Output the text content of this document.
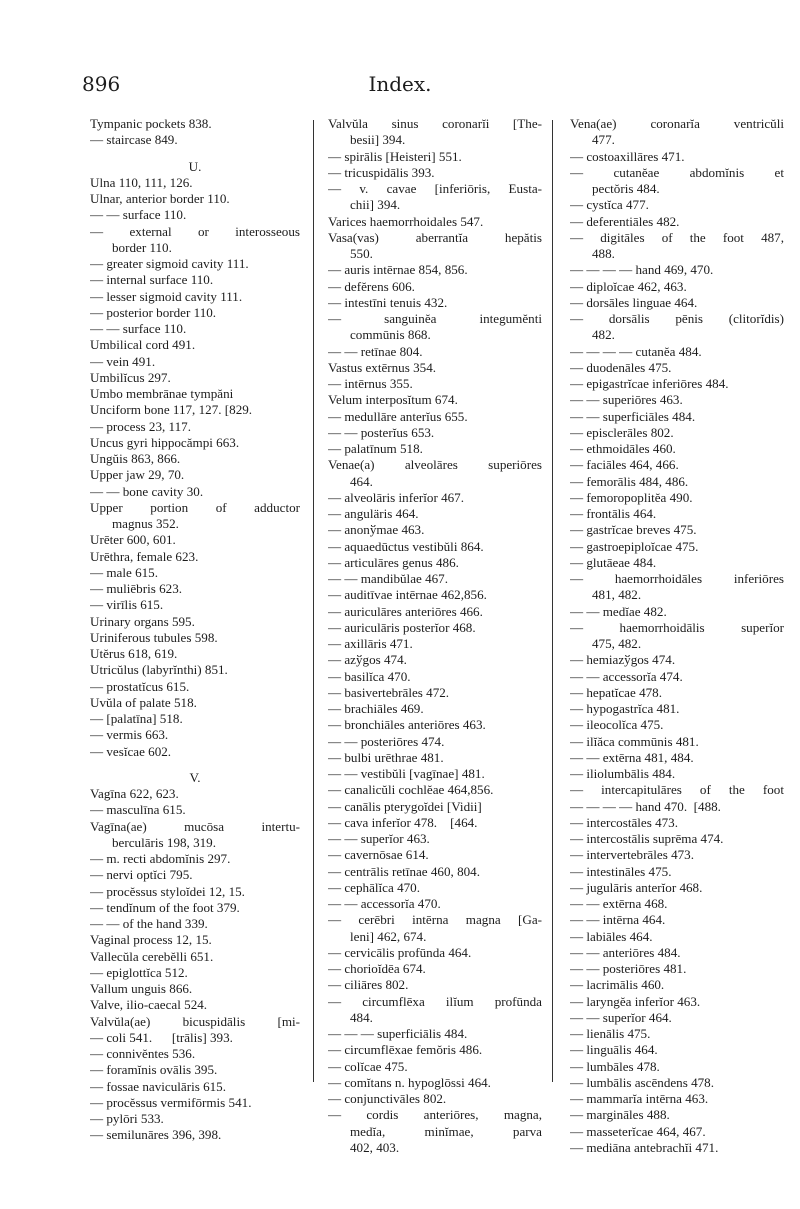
896	Index.
Tympanic pockets 838.
— staircase 849.
U.
Ulna 110, 111, 126.
Ulnar, anterior border 110.
— — surface 110.
— external or interosseous
border 110.
— greater sigmoid cavity 111.
— internal surface 110.
— lesser sigmoid cavity 111.
— posterior border 110.
— — surface 110.
Umbilical cord 491.
— vein 491.
Umbilĭcus 297.
Umbo membrānae tympăni
Unciform bone 117, 127. [829.
— process 23, 117.
Uncus gyri hippocămpi 663.
Ungŭis 863, 866.
Upper jaw 29, 70.
— — bone cavity 30.
Upper portion of adductor
magnus 352.
Urēter 600, 601.
Urēthra, female 623.
— male 615.
— muliēbris 623.
— virīlis 615.
Urinary organs 595.
Uriniferous tubules 598.
Utĕrus 618, 619.
Utricŭlus (labyrĭnthi) 851.
— prostatĭcus 615.
Uvŭla of palate 518.
— [palatīna] 518.
— vermis 663.
— vesĭcae 602.
V.
Vagīna 622, 623.
— masculīna 615.
Vagīna(ae) mucōsa intertu-
berculāris 198, 319.
— m. recti abdomĭnis 297.
— nervi optĭci 795.
— procĕssus styloĭdei 12, 15.
— tendĭnum of the foot 379.
— — of the hand 339.
Vaginal process 12, 15.
Vallecŭla cerebĕlli 651.
— epiglottĭca 512.
Vallum unguis 866.
Valve, ilio-caecal 524.
Valvŭla(ae) bicuspidālis [mi-
— coli 541.      [trālis] 393.
— connivĕntes 536.
— foramĭnis ovālis 395.
— fossae naviculāris 615.
— procĕssus vermifōrmis 541.
— pylōri 533.
— semilunāres 396, 398.
Valvŭla sinus coronarĭi [The-
besii] 394.
— spirālis [Heisteri] 551.
— tricuspidālis 393.
— v. cavae [inferiōris, Eusta-
chii] 394.
Varices haemorrhoidales 547.
Vasa(vas) aberrantĭa hepătis
550.
— auris intērnae 854, 856.
— defĕrens 606.
— intestīni tenuis 432.
— sanguinĕa integumĕnti
commūnis 868.
— — retīnae 804.
Vastus extērnus 354.
— intērnus 355.
Velum interposĭtum 674.
— medullāre anterĭus 655.
— — posterĭus 653.
— palatīnum 518.
Venae(a) alveolāres superiōres
464.
— alveolāris inferĭor 467.
— anguläris 464.
— anonўmae 463.
— aquaedūctus vestibŭli 864.
— articulāres genus 486.
— — mandibŭlae 467.
— auditīvae intērnae 462,856.
— auriculāres anteriōres 466.
— auriculāris posterĭor 468.
— axillāris 471.
— azўgos 474.
— basilĭca 470.
— basivertebrāles 472.
— brachiāles 469.
— bronchiāles anteriōres 463.
— — posteriōres 474.
— bulbi urēthrae 481.
— — vestibŭli [vagīnae] 481.
— canalicŭli cochlĕae 464,856.
— canālis pterygoĭdei [Vidii]
— cava inferĭor 478.    [464.
— — superĭor 463.
— cavernōsae 614.
— centrālis retīnae 460, 804.
— cephālĭca 470.
— — accessorĭa 470.
— cerēbri intērna magna [Ga-
leni] 462, 674.
— cervicālis profūnda 464.
— chorioĭdēa 674.
— ciliāres 802.
— circumflēxa ilĭum profūnda
484.
— — — superficiālis 484.
— circumflēxae femŏris 486.
— colĭcae 475.
— comĭtans n. hypoglōssi 464.
— conjunctivāles 802.
— cordis anteriōres, magna,
medĭa, minĭmae, parva
402, 403.
Vena(ae) coronarĭa ventricŭli
477.
— costoaxillāres 471.
— cutanĕae abdomĭnis et
pectŏris 484.
— cystĭca 477.
— deferentiāles 482.
— digitāles of the foot 487,
488.
— — — — hand 469, 470.
— diploĭcae 462, 463.
— dorsāles linguae 464.
— dorsālis pēnis (clitorĭdis)
482.
— — — — cutanĕa 484.
— duodenāles 475.
— epigastrĭcae inferiōres 484.
— — superiōres 463.
— — superficiāles 484.
— episclerāles 802.
— ethmoidāles 460.
— faciāles 464, 466.
— femorālis 484, 486.
— femoropoplitĕa 490.
— frontālis 464.
— gastrĭcae breves 475.
— gastroepiploĭcae 475.
— glutāeae 484.
— haemorrhoidāles inferiōres
481, 482.
— — medĭae 482.
— haemorrhoidālis superĭor
475, 482.
— hemiazўgos 474.
— — accessorĭa 474.
— hepatĭcae 478.
— hypogastrĭca 481.
— ileocolĭca 475.
— ilĭăca commūnis 481.
— — extērna 481, 484.
— iliolumbālis 484.
— intercapitulāres of the foot
— — — — hand 470.  [488.
— intercostāles 473.
— intercostālis suprēma 474.
— intervertebrāles 473.
— intestināles 475.
— jugulāris anterĭor 468.
— — extērna 468.
— — intērna 464.
— labiāles 464.
— — anteriōres 484.
— — posteriōres 481.
— lacrimālis 460.
— laryngĕa inferĭor 463.
— — superĭor 464.
— lienālis 475.
— linguālis 464.
— lumbāles 478.
— lumbālis ascēndens 478.
— mammarĭa intērna 463.
— margināles 488.
— masseterĭcae 464, 467.
— mediāna antebrachĭi 471.
